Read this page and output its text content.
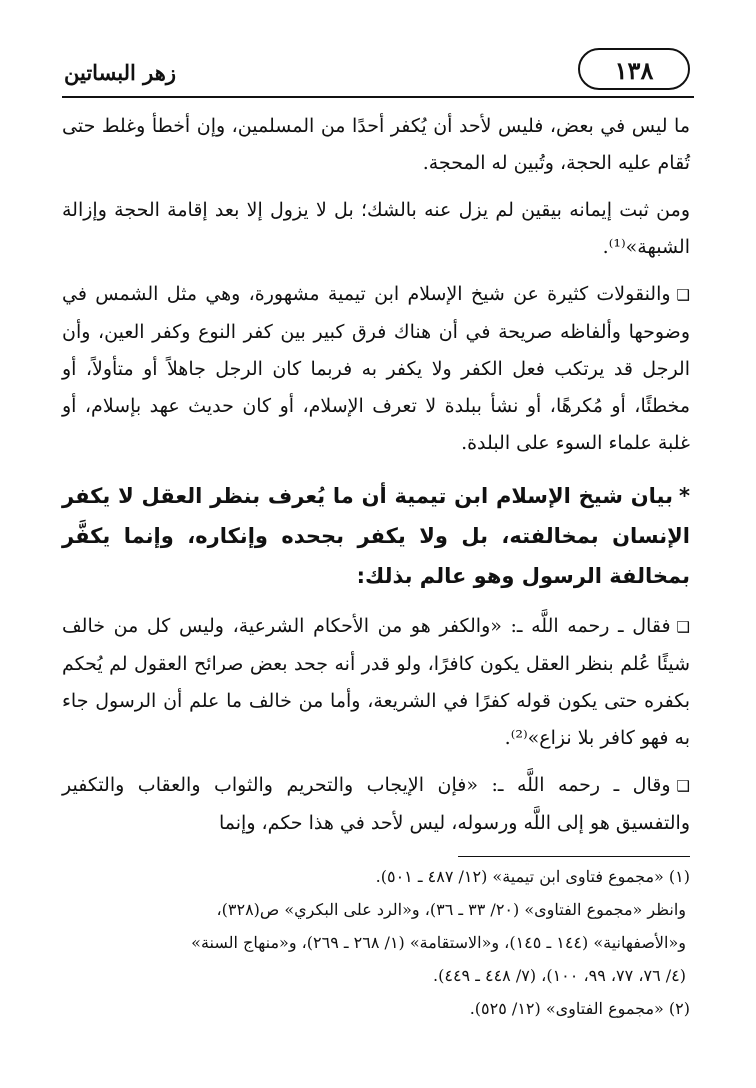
زهر البساتين	١٣٨

ما ليس في بعض، فليس لأحد أن يُكفر أحدًا من المسلمين، وإن أخطأ وغلط حتى تُقام عليه الحجة، وتُبين له المحجة.

ومن ثبت إيمانه بيقين لم يزل عنه بالشك؛ بل لا يزول إلا بعد إقامة الحجة وإزالة الشبهة»⁽¹⁾.

❑والنقولات كثيرة عن شيخ الإسلام ابن تيمية مشهورة، وهي مثل الشمس في وضوحها وألفاظه صريحة في أن هناك فرق كبير بين كفر النوع وكفر العين، وأن الرجل قد يرتكب فعل الكفر ولا يكفر به فربما كان الرجل جاهلاً أو متأولاً، أو مخطئًا، أو مُكرهًا، أو نشأ ببلدة لا تعرف الإسلام، أو كان حديث عهد بإسلام، أو غلبة علماء السوء على البلدة.

*بيان شيخ الإسلام ابن تيمية أن ما يُعرف بنظر العقل لا يكفر الإنسان بمخالفته، بل ولا يكفر بجحده وإنكاره، وإنما يكفَّر بمخالفة الرسول وهو عالم بذلك:

❑فقال ـ رحمه اللَّه ـ: «والكفر هو من الأحكام الشرعية، وليس كل من خالف شيئًا عُلم بنظر العقل يكون كافرًا، ولو قدر أنه جحد بعض صرائح العقول لم يُحكم بكفره حتى يكون قوله كفرًا في الشريعة، وأما من خالف ما علم أن الرسول جاء به فهو كافر بلا نزاع»⁽²⁾.

❑وقال ـ رحمه اللَّه ـ: «فإن الإيجاب والتحريم والثواب والعقاب والتكفير والتفسيق هو إلى اللَّه ورسوله، ليس لأحد في هذا حكم، وإنما

(١) «مجموع فتاوى ابن تيمية» (١٢/ ٤٨٧ ـ ٥٠١).
وانظر «مجموع الفتاوى» (٢٠/ ٣٣ ـ ٣٦)، و«الرد على البكري» ص(٣٢٨)،
و«الأصفهانية» (١٤٤ ـ ١٤٥)، و«الاستقامة» (١/ ٢٦٨ ـ ٢٦٩)، و«منهاج السنة»
(٤/ ٧٦، ٧٧، ٩٩، ١٠٠)، (٧/ ٤٤٨ ـ ٤٤٩).
(٢) «مجموع الفتاوى» (١٢/ ٥٢٥).
